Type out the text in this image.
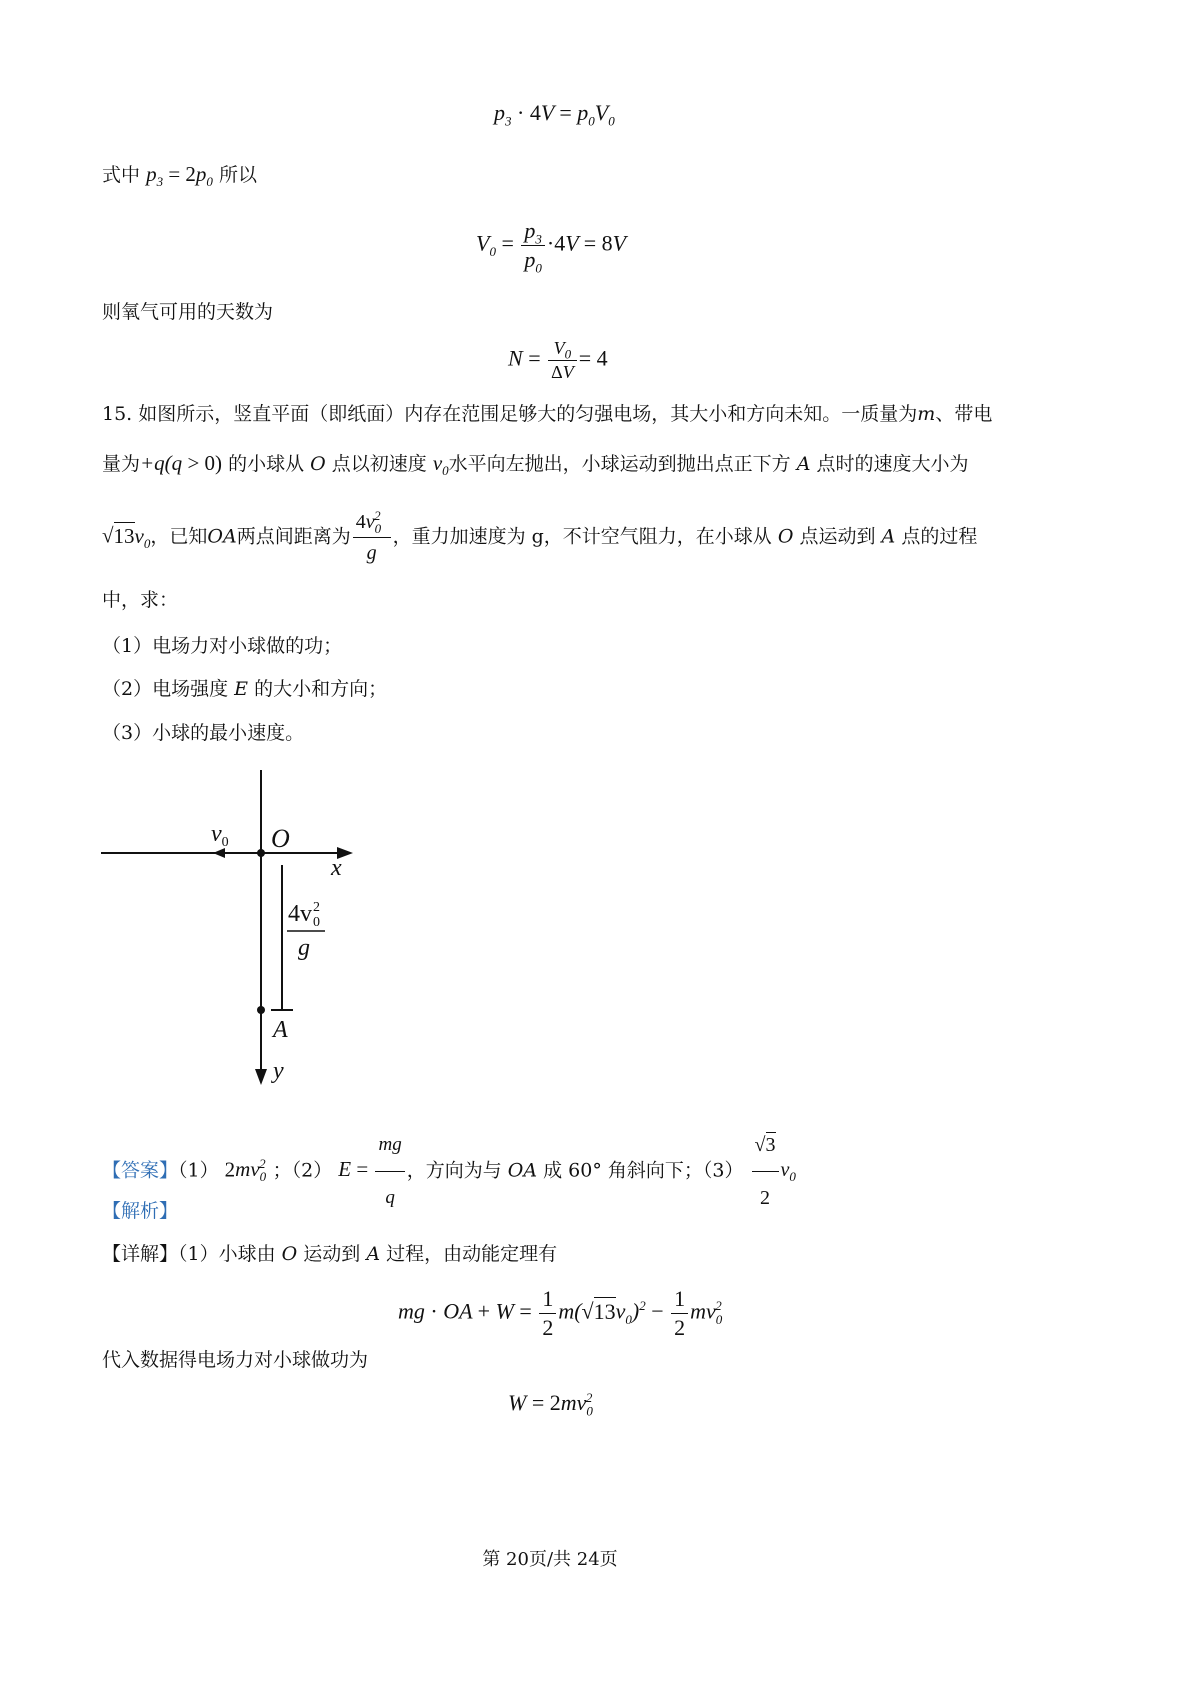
$p_3 \cdot 4V = p_0V_0$
式中 $p_3 = 2p_0$ 所以
$V_0 = \frac{p_3}{p_0} \cdot 4V = 8V$
则氧气可用的天数为
$N = \frac{V_0}{\Delta V} = 4$
15. 如图所示，竖直平面（即纸面）内存在范围足够大的匀强电场，其大小和方向未知。一质量为m、带电
量为+q(q > 0) 的小球从 O 点以初速度 $v_0$水平向左抛出，小球运动到抛出点正下方 A 点时的速度大小为
$√13v_0$，已知OA两点间距离为 $\frac{4v_0^2}{g}$ ，重力加速度为 g，不计空气阻力，在小球从 O 点运动到 A 点的过程
中，求：
（1）电场力对小球做的功；
（2）电场强度 E 的大小和方向；
（3）小球的最小速度。
$v_0$ O
x
y
A
4v 2
0
g
【答案】（1） $2mv_0^2$ ；（2） $E = \frac{mg}{q}$ ，方向为与 OA 成 60° 角斜向下；$(3) \frac{√3}{2} v_0$
【解析】
【详解】（1）小球由 O 运动到 A 过程，由动能定理有
mg · OA + $W = \frac{1}{2} m(√13v_0)^2 - \frac{1}{2} mv_0^2$
代入数据得电场力对小球做功为
$W = 2mv_0^2$
第 20页/共 24页
